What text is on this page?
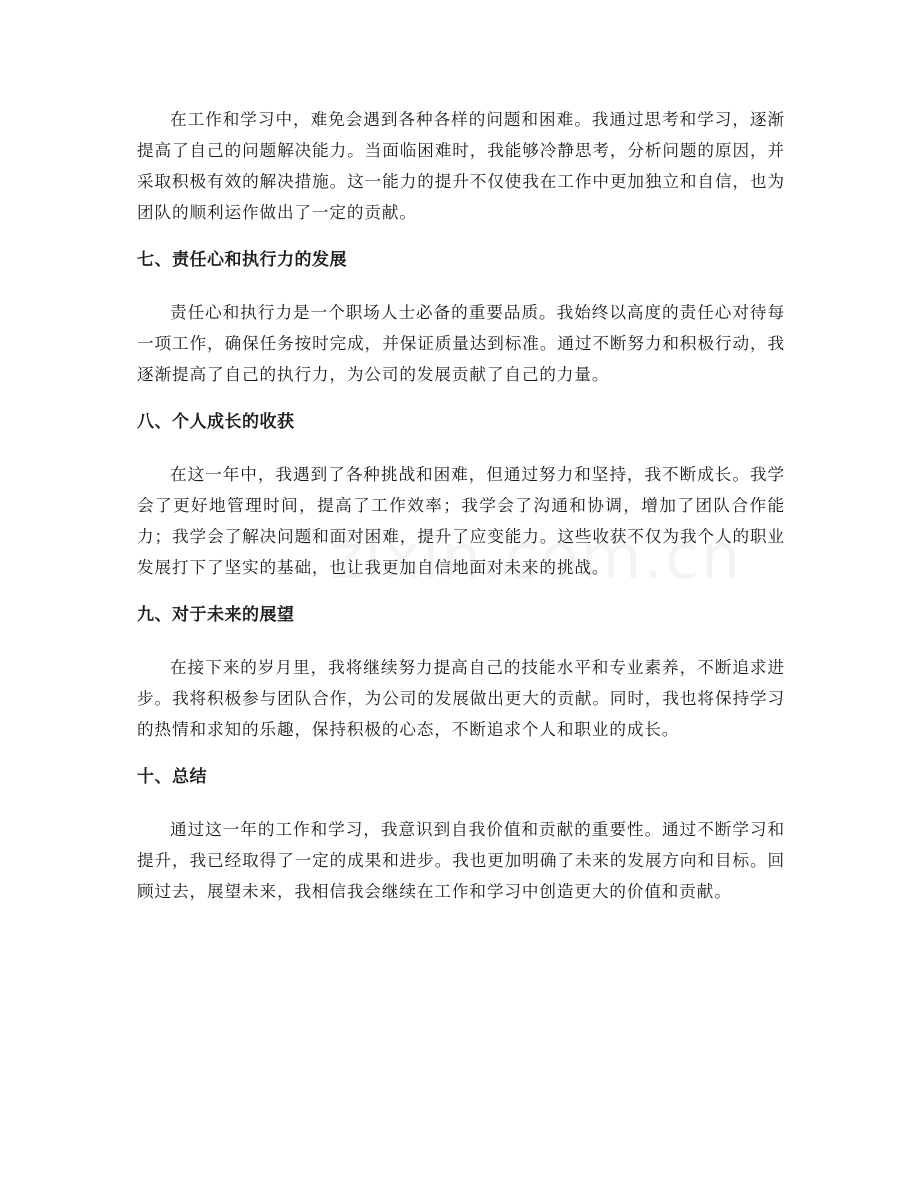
在工作和学习中，难免会遇到各种各样的问题和困难。我通过思考和学习，逐渐提高了自己的问题解决能力。当面临困难时，我能够冷静思考，分析问题的原因，并采取积极有效的解决措施。这一能力的提升不仅使我在工作中更加独立和自信，也为团队的顺利运作做出了一定的贡献。

七、责任心和执行力的发展

责任心和执行力是一个职场人士必备的重要品质。我始终以高度的责任心对待每一项工作，确保任务按时完成，并保证质量达到标准。通过不断努力和积极行动，我逐渐提高了自己的执行力，为公司的发展贡献了自己的力量。

八、个人成长的收获

在这一年中，我遇到了各种挑战和困难，但通过努力和坚持，我不断成长。我学会了更好地管理时间，提高了工作效率；我学会了沟通和协调，增加了团队合作能力；我学会了解决问题和面对困难，提升了应变能力。这些收获不仅为我个人的职业发展打下了坚实的基础，也让我更加自信地面对未来的挑战。

九、对于未来的展望

在接下来的岁月里，我将继续努力提高自己的技能水平和专业素养，不断追求进步。我将积极参与团队合作，为公司的发展做出更大的贡献。同时，我也将保持学习的热情和求知的乐趣，保持积极的心态，不断追求个人和职业的成长。

十、总结

通过这一年的工作和学习，我意识到自我价值和贡献的重要性。通过不断学习和提升，我已经取得了一定的成果和进步。我也更加明确了未来的发展方向和目标。回顾过去，展望未来，我相信我会继续在工作和学习中创造更大的价值和贡献。
